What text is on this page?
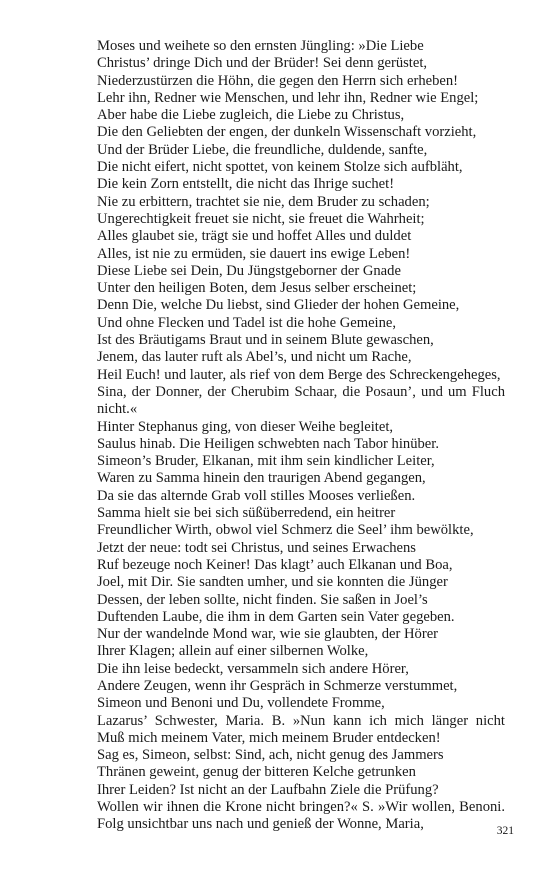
Moses und weihete so den ernsten Jüngling: »Die Liebe
Christus’ dringe Dich und der Brüder! Sei denn gerüstet,
Niederzustürzen die Höhn, die gegen den Herrn sich erheben!
Lehr ihn, Redner wie Menschen, und lehr ihn, Redner wie Engel;
Aber habe die Liebe zugleich, die Liebe zu Christus,
Die den Geliebten der engen, der dunkeln Wissenschaft vorzieht,
Und der Brüder Liebe, die freundliche, duldende, sanfte,
Die nicht eifert, nicht spottet, von keinem Stolze sich aufbläht,
Die kein Zorn entstellt, die nicht das Ihrige suchet!
Nie zu erbittern, trachtet sie nie, dem Bruder zu schaden;
Ungerechtigkeit freuet sie nicht, sie freuet die Wahrheit;
Alles glaubet sie, trägt sie und hoffet Alles und duldet
Alles, ist nie zu ermüden, sie dauert ins ewige Leben!
Diese Liebe sei Dein, Du Jüngstgeborner der Gnade
Unter den heiligen Boten, dem Jesus selber erscheinet;
Denn Die, welche Du liebst, sind Glieder der hohen Gemeine,
Und ohne Flecken und Tadel ist die hohe Gemeine,
Ist des Bräutigams Braut und in seinem Blute gewaschen,
Jenem, das lauter ruft als Abel’s, und nicht um Rache,
Heil Euch! und lauter, als rief von dem Berge des Schreckengeheges,
Sina, der Donner, der Cherubim Schaar, die Posaun’, und um Fluch
nicht.«
Hinter Stephanus ging, von dieser Weihe begleitet,
Saulus hinab. Die Heiligen schwebten nach Tabor hinüber.
Simeon’s Bruder, Elkanan, mit ihm sein kindlicher Leiter,
Waren zu Samma hinein den traurigen Abend gegangen,
Da sie das alternde Grab voll stilles Mooses verließen.
Samma hielt sie bei sich süßüberredend, ein heitrer
Freundlicher Wirth, obwol viel Schmerz die Seel’ ihm bewölkte,
Jetzt der neue: todt sei Christus, und seines Erwachens
Ruf bezeuge noch Keiner! Das klagt’ auch Elkanan und Boa,
Joel, mit Dir. Sie sandten umher, und sie konnten die Jünger
Dessen, der leben sollte, nicht finden. Sie saßen in Joel’s
Duftenden Laube, die ihm in dem Garten sein Vater gegeben.
Nur der wandelnde Mond war, wie sie glaubten, der Hörer
Ihrer Klagen; allein auf einer silbernen Wolke,
Die ihn leise bedeckt, versammeln sich andere Hörer,
Andere Zeugen, wenn ihr Gespräch in Schmerze verstummet,
Simeon und Benoni und Du, vollendete Fromme,
Lazarus’ Schwester, Maria. B. »Nun kann ich mich länger nicht
Muß mich meinem Vater, mich meinem Bruder entdecken!
Sag es, Simeon, selbst: Sind, ach, nicht genug des Jammers
Thränen geweint, genug der bitteren Kelche getrunken
Ihrer Leiden? Ist nicht an der Laufbahn Ziele die Prüfung?
Wollen wir ihnen die Krone nicht bringen?« S. »Wir wollen, Benoni.
Folg unsichtbar uns nach und genieß der Wonne, Maria,	321
